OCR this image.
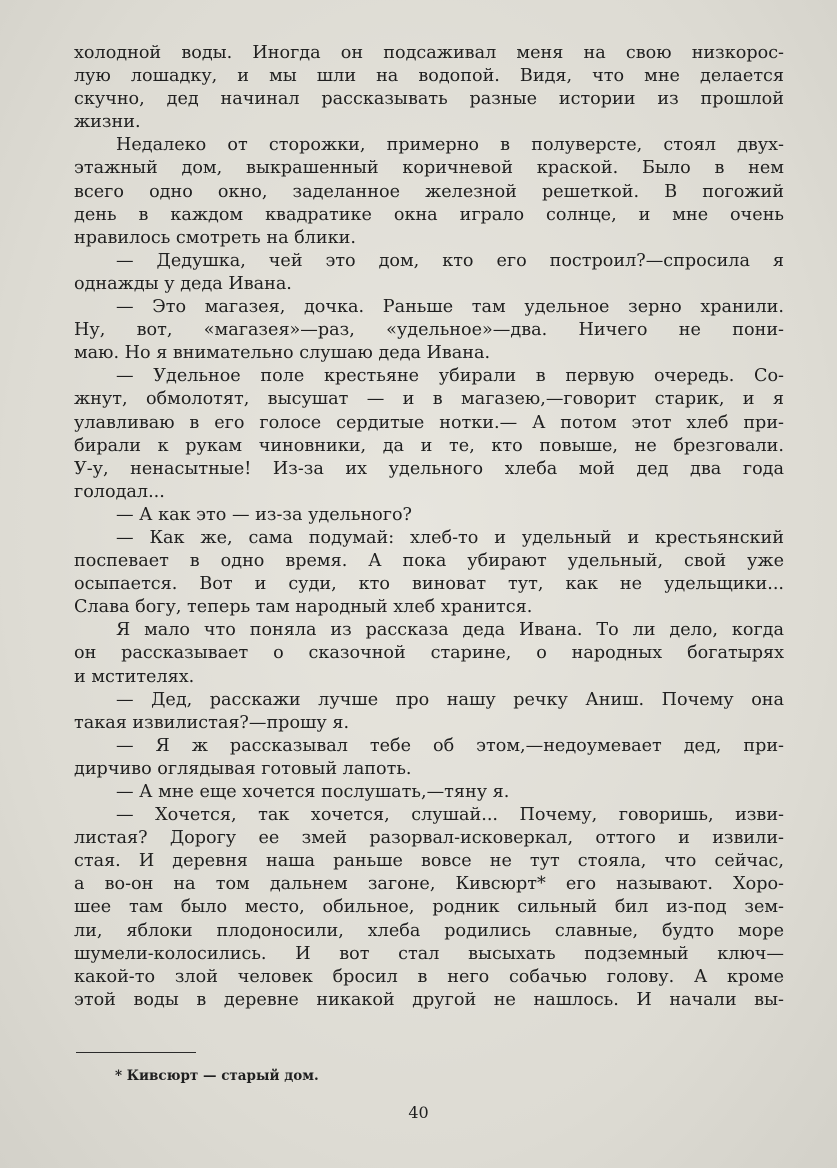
холодной воды. Иногда он подсаживал меня на свою низкорос-
лую лошадку, и мы шли на водопой. Видя, что мне делается
скучно, дед начинал рассказывать разные истории из прошлой
жизни.
Недалеко от сторожки, примерно в полуверсте, стоял двух-
этажный дом, выкрашенный коричневой краской. Было в нем
всего одно окно, заделанное железной решеткой. В погожий
день в каждом квадратике окна играло солнце, и мне очень
нравилось смотреть на блики.
— Дедушка, чей это дом, кто его построил?—спросила я
однажды у деда Ивана.
— Это магазея, дочка. Раньше там удельное зерно хранили.
Ну, вот, «магазея»—раз, «удельное»—два. Ничего не пони-
маю. Но я внимательно слушаю деда Ивана.
— Удельное поле крестьяне убирали в первую очередь. Со-
жнут, обмолотят, высушат — и в магазею,—говорит старик, и я
улавливаю в его голосе сердитые нотки.— А потом этот хлеб при-
бирали к рукам чиновники, да и те, кто повыше, не брезговали.
У-у, ненасытные! Из-за их удельного хлеба мой дед два года
голодал...
— А как это — из-за удельного?
— Как же, сама подумай: хлеб-то и удельный и крестьянский
поспевает в одно время. А пока убирают удельный, свой уже
осыпается. Вот и суди, кто виноват тут, как не удельщики...
Слава богу, теперь там народный хлеб хранится.
Я мало что поняла из рассказа деда Ивана. То ли дело, когда
он рассказывает о сказочной старине, о народных богатырях
и мстителях.
— Дед, расскажи лучше про нашу речку Аниш. Почему она
такая извилистая?—прошу я.
— Я ж рассказывал тебе об этом,—недоумевает дед, при-
дирчиво оглядывая готовый лапоть.
— А мне еще хочется послушать,—тяну я.
— Хочется, так хочется, слушай... Почему, говоришь, изви-
листая? Дорогу ее змей разорвал-исковеркал, оттого и извили-
стая. И деревня наша раньше вовсе не тут стояла, что сейчас,
а во-он на том дальнем загоне, Кивсюрт* его называют. Хоро-
шее там было место, обильное, родник сильный бил из-под зем-
ли, яблоки плодоносили, хлеба родились славные, будто море
шумели-колосились. И вот стал высыхать подземный ключ—
какой-то злой человек бросил в него собачью голову. А кроме
этой воды в деревне никакой другой не нашлось. И начали вы-
* Кивсюрт — старый дом.
40
